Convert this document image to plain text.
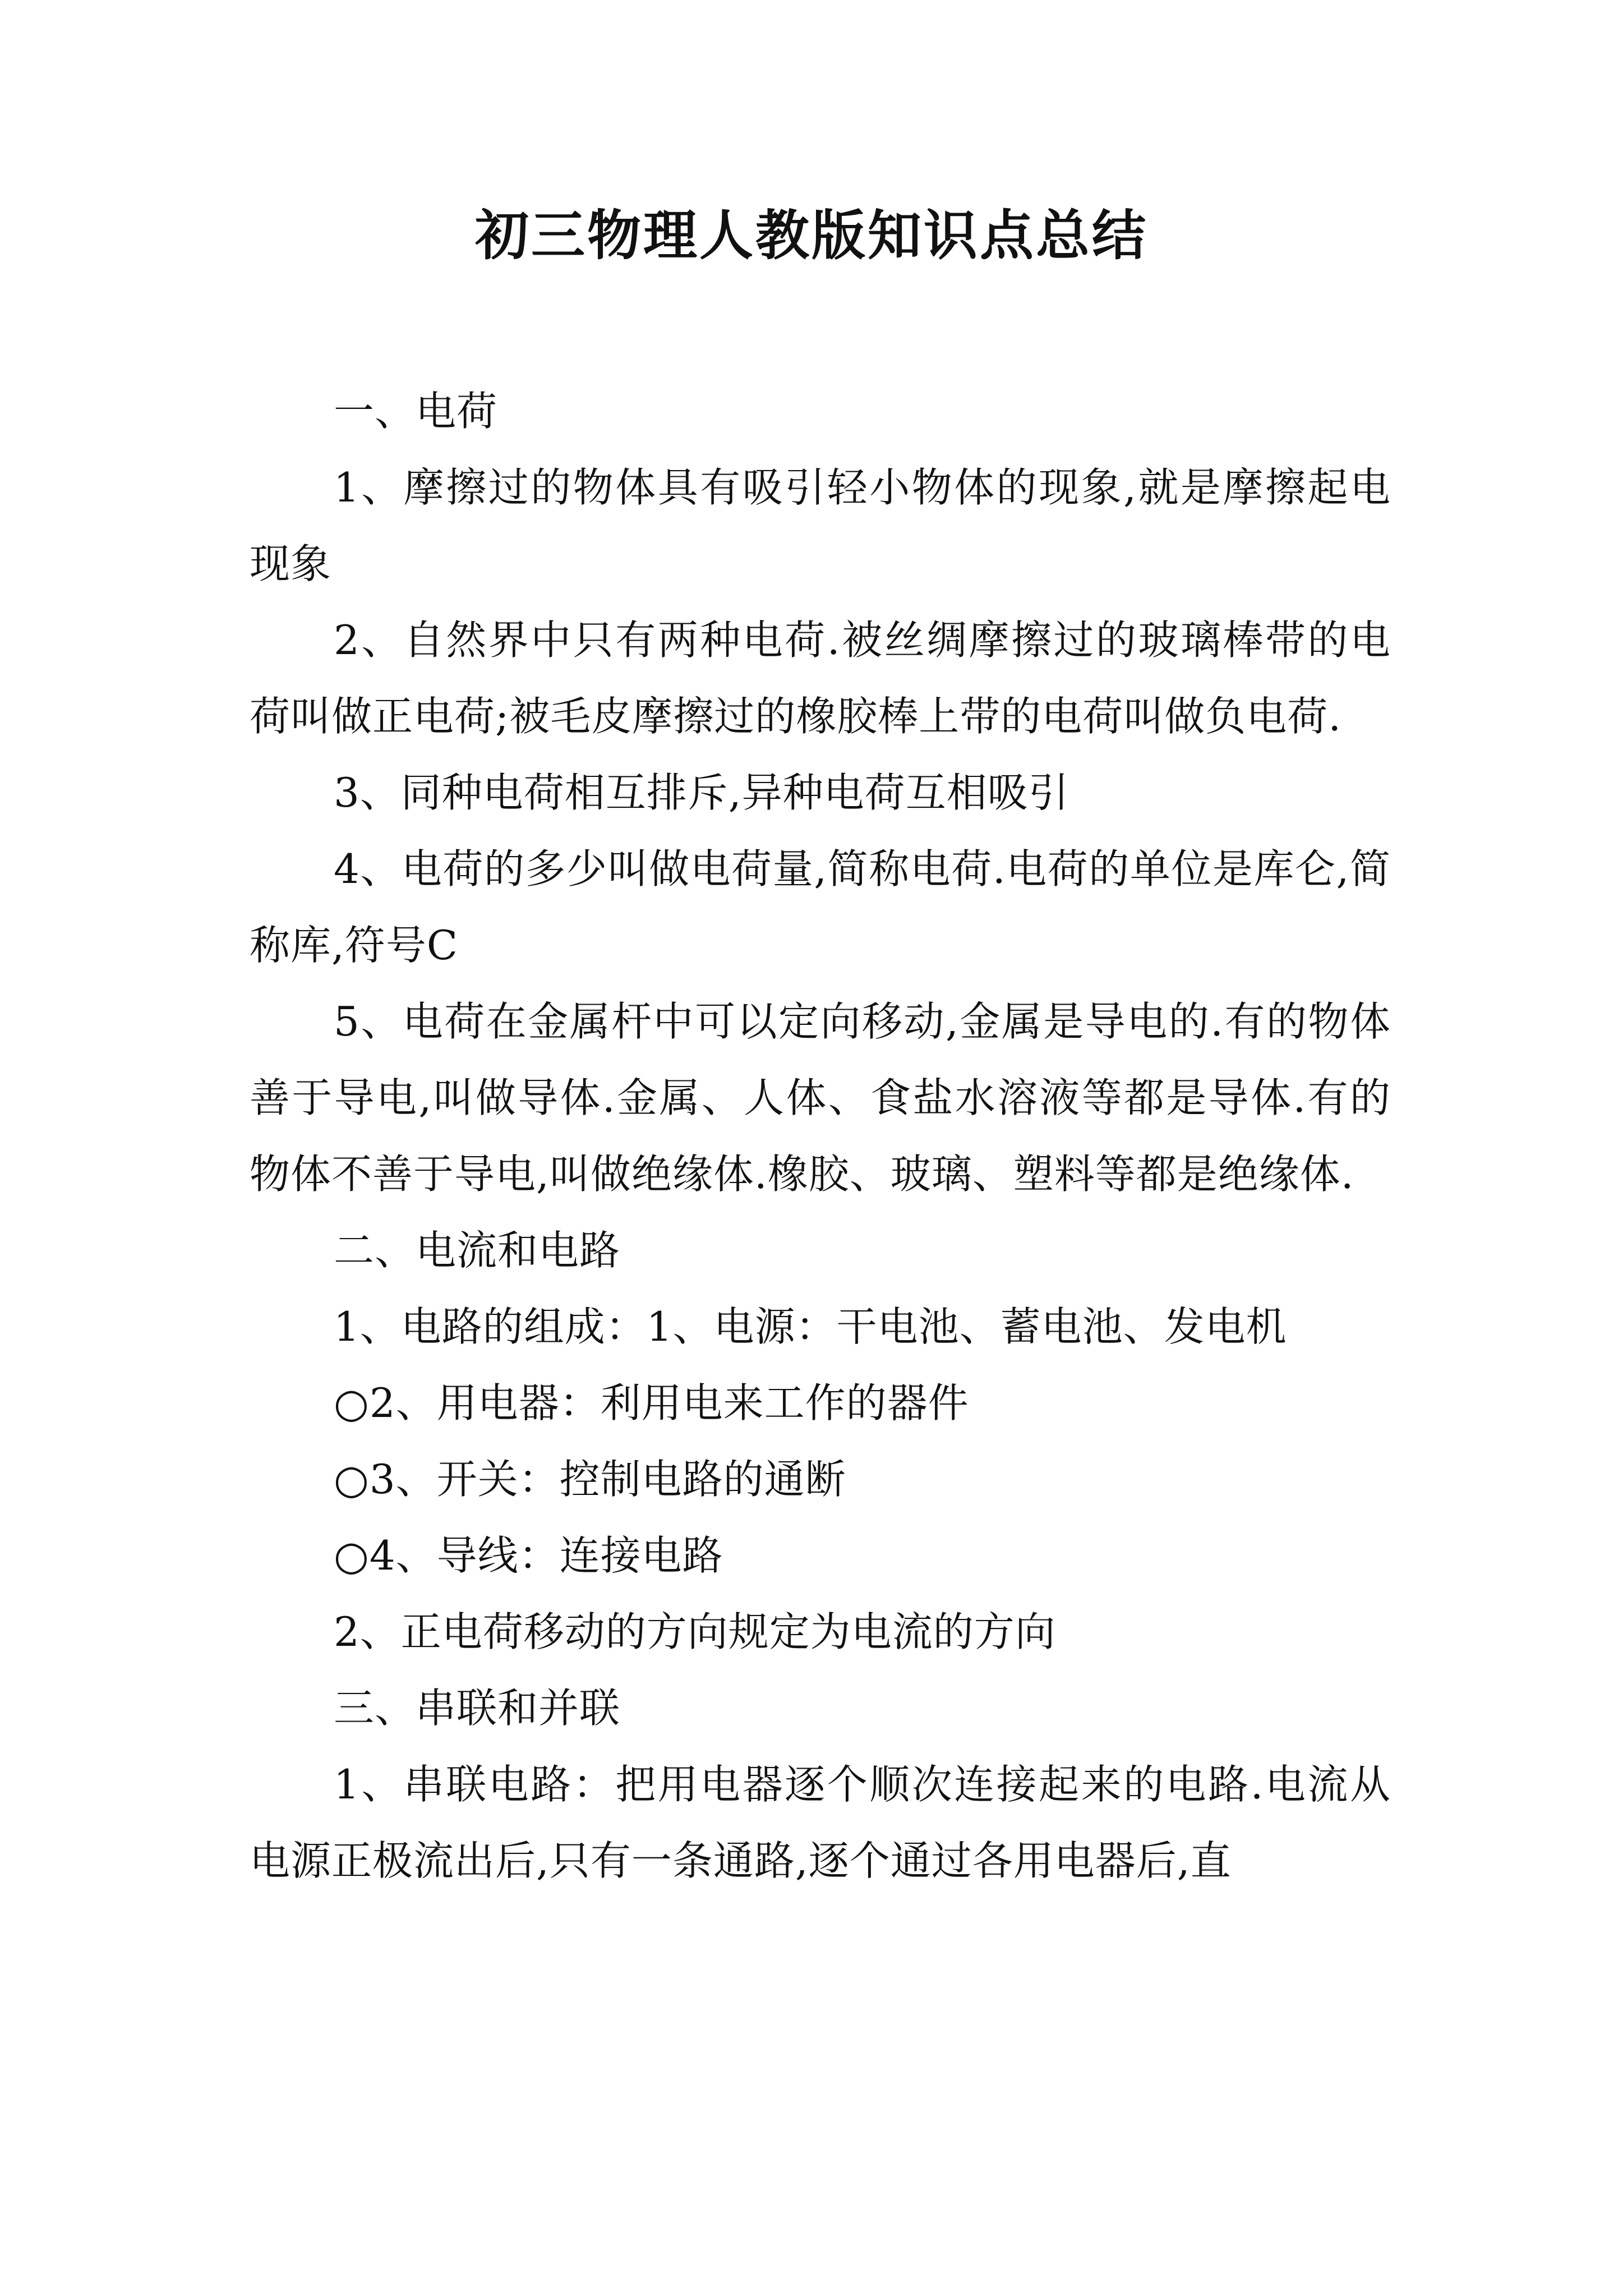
初三物理人教版知识点总结

一、电荷

1、摩擦过的物体具有吸引轻小物体的现象,就是摩擦起电现象

2、自然界中只有两种电荷.被丝绸摩擦过的玻璃棒带的电荷叫做正电荷;被毛皮摩擦过的橡胶棒上带的电荷叫做负电荷.

3、同种电荷相互排斥,异种电荷互相吸引

4、电荷的多少叫做电荷量,简称电荷.电荷的单位是库仑,简称库,符号C

5、电荷在金属杆中可以定向移动,金属是导电的.有的物体善于导电,叫做导体.金属、人体、食盐水溶液等都是导体.有的物体不善于导电,叫做绝缘体.橡胶、玻璃、塑料等都是绝缘体.

二、电流和电路

1、电路的组成：1、电源：干电池、蓄电池、发电机

○2、用电器：利用电来工作的器件

○3、开关：控制电路的通断

○4、导线：连接电路

2、正电荷移动的方向规定为电流的方向

三、串联和并联

1、串联电路：把用电器逐个顺次连接起来的电路.电流从电源正极流出后,只有一条通路,逐个通过各用电器后,直
